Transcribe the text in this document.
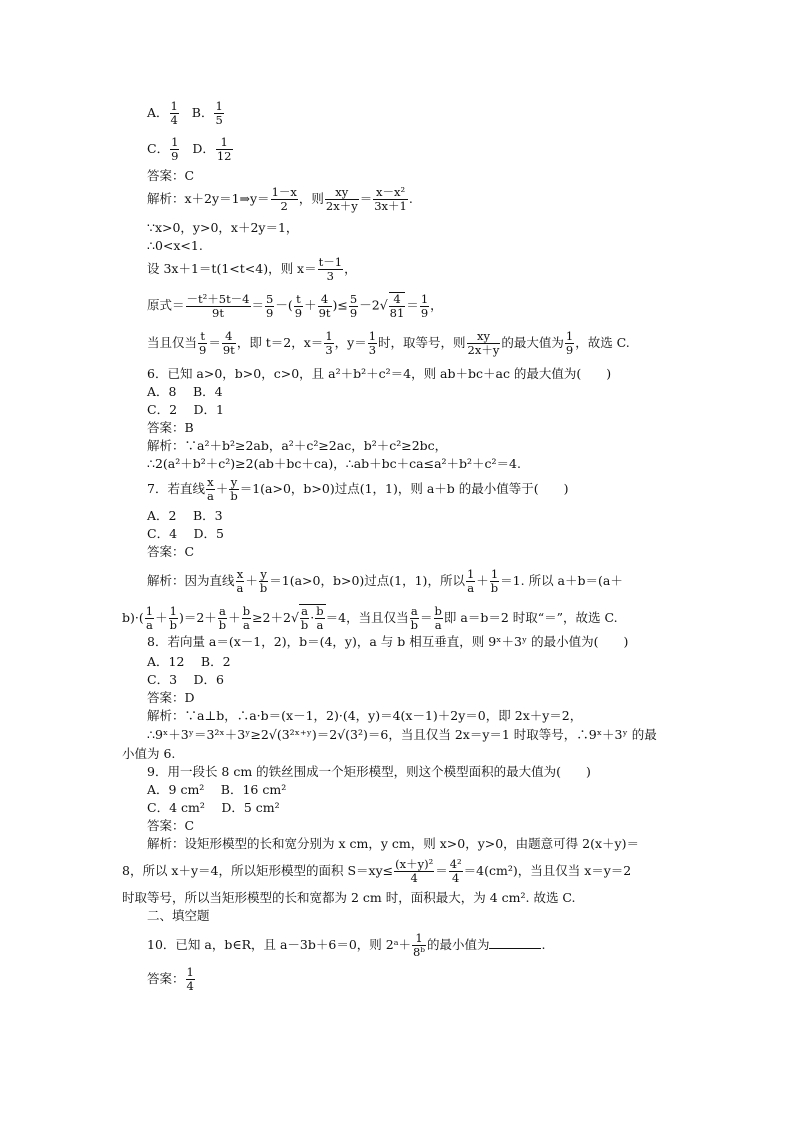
A． $\frac{1}{4}$ B． $\frac{1}{5}$
C． $\frac{1}{9}$ D． $\frac{1}{12}$
答案：C
解析：x＋2y＝1⇒y＝ $\frac{1-x}{2}$ ，则 $\frac{xy}{2x+y} = \frac{\text{x－x²}}{3x+1}$ .
∵x>0，y>0，x＋2y＝1，
∴0<x<1.
设 3x＋1＝t(1<t<4)，则 $x= \frac{t-1}{3}$ ，
原式＝ $\frac{\text{－t²＋5t－4}}{9t} = \frac{5}{9}$ －( $\frac{t}{9} + \frac{4}{9t}$ )≤ $\frac{5}{9} -2√ \frac{4}{81} = \frac{1}{9}$ ，
当且仅当 $\frac{t}{9} = \frac{4}{9t}$ ，即 t＝2，$x= \frac{1}{3}$ ，$y= \frac{1}{3}$ 时，取等号，则 $\frac{xy}{2x+y}$ 的最大值为 $\frac{1}{9}$ ，故选 C.
6．已知 a>0，b>0，c>0，且 a²＋b²＋c²＝4，则 ab＋bc＋ac 的最大值为(　　)
A．8　 B．4
C．2　 D．1
答案：B
解析：∵a²＋b²≥2ab，a²＋c²≥2ac，b²＋c²≥2bc，
∴2(a²＋b²＋c²)≥2(ab＋bc＋ca)，∴ab＋bc＋ca≤a²＋b²＋c²＝4.
7．若直线 $\frac{x}{a} + \frac{y}{b} =1(a>0$，b>0)过点(1，1)，则 a＋b 的最小值等于(　　)
A．2　 B．3
C．4　 D．5
答案：C
解析：因为直线 $\frac{x}{a} + \frac{y}{b} =1(a>0$，b>0)过点(1，1)，所以 $\frac{1}{a} + \frac{1}{b} =1$. 所以 a＋b＝(a＋
$b)\cdot( \frac{1}{a} + \frac{1}{b} )=2+ \frac{a}{b} + \frac{b}{a} \ge 2+2√ \frac{a}{b} \cdot \frac{b}{a} =4$，当且仅当 $\frac{a}{b} = \frac{b}{a}$ 即 a＝b＝2 时取“＝”，故选 C.
8．若向量 a＝(x－1，2)，b＝(4，y)，a 与 b 相互垂直，则 9ˣ＋3ʸ 的最小值为(　　)
A．12　 B．2
C．3　 D．6
答案：D
解析：∵a⊥b，∴a·b＝(x－1，2)·(4，y)＝4(x－1)＋2y＝0，即 2x＋y＝2，
∴9ˣ＋3ʸ＝3²ˣ＋3ʸ≥2√(3²ˣ⁺ʸ)＝2√(3²)＝6，当且仅当 2x＝y＝1 时取等号，∴9ˣ＋3ʸ 的最
小值为 6.
9．用一段长 8 cm 的铁丝围成一个矩形模型，则这个模型面积的最大值为(　　)
A．9 cm²　 B．16 cm²
C．4 cm²　 D．5 cm²
答案：C
解析：设矩形模型的长和宽分别为 x cm，y cm，则 x>0，y>0，由题意可得 2(x＋y)＝
8，所以 x＋y＝4，所以矩形模型的面积 $S=xy\le \frac{\text{(x＋y)²}}{4} = \frac{\text{4²}}{4} =4(cm^2)$，当且仅当 x＝y＝2
时取等号，所以当矩形模型的长和宽都为 2 cm 时，面积最大，为 4 cm². 故选 C.
二、填空题
10．已知 a，b∈R，且 a－3b＋6＝0，则 2ᵃ＋ $\frac{1}{\text{8ᵇ}}$ 的最小值为	.
答案： $\frac{1}{4}$
